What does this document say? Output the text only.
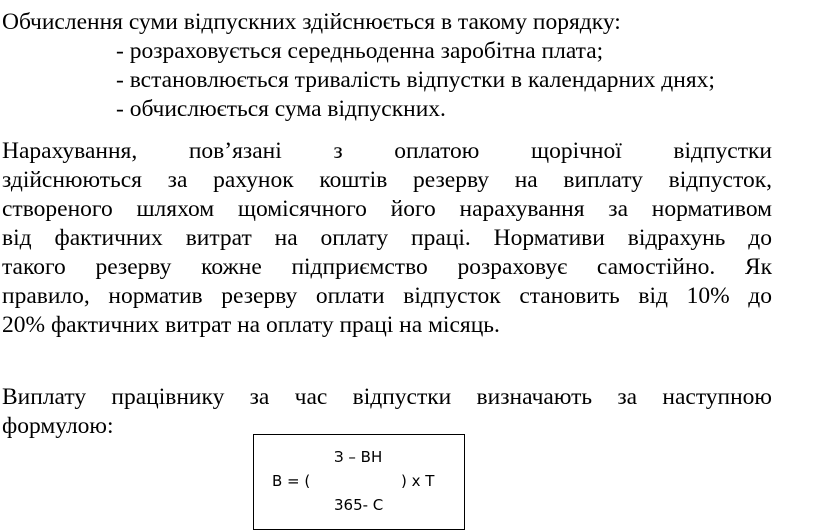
Обчислення суми відпускних здійснюється в такому порядку:
- розраховується середньоденна заробітна плата;
- встановлюється тривалість відпустки в календарних днях;
- обчислюється сума відпускних.
Нарахування, пов’язані з оплатою щорічної відпустки
здійснюються за рахунок коштів резерву на виплату відпусток,
створеного шляхом щомісячного його нарахування за нормативом
від фактичних витрат на оплату праці. Нормативи відрахунь до
такого резерву кожне підприємство розраховує самостійно. Як
правило, норматив резерву оплати відпусток становить від 10% до
20% фактичних витрат на оплату праці на місяць.
Виплату працівнику за час відпустки визначають за наступною
формулою:
З – ВН
В = (	) х Т
365- С
